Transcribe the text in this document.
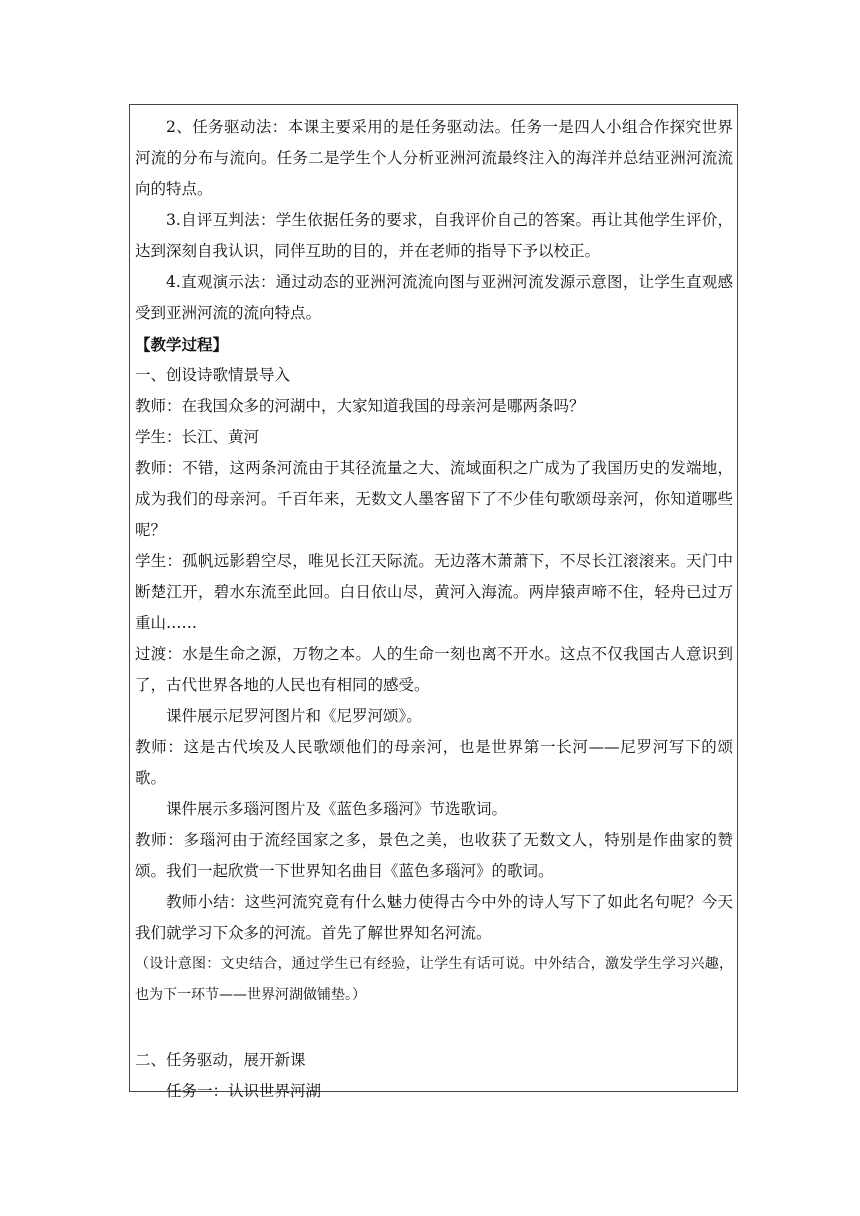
2、任务驱动法：本课主要采用的是任务驱动法。任务一是四人小组合作探究世界河流的分布与流向。任务二是学生个人分析亚洲河流最终注入的海洋并总结亚洲河流流向的特点。

3.自评互判法：学生依据任务的要求，自我评价自己的答案。再让其他学生评价，达到深刻自我认识，同伴互助的目的，并在老师的指导下予以校正。

4.直观演示法：通过动态的亚洲河流流向图与亚洲河流发源示意图，让学生直观感受到亚洲河流的流向特点。

【教学过程】

一、创设诗歌情景导入

教师：在我国众多的河湖中，大家知道我国的母亲河是哪两条吗？

学生：长江、黄河

教师：不错，这两条河流由于其径流量之大、流域面积之广成为了我国历史的发端地，成为我们的母亲河。千百年来，无数文人墨客留下了不少佳句歌颂母亲河，你知道哪些呢？

学生：孤帆远影碧空尽，唯见长江天际流。无边落木萧萧下，不尽长江滚滚来。天门中断楚江开，碧水东流至此回。白日依山尽，黄河入海流。两岸猿声啼不住，轻舟已过万重山……

过渡：水是生命之源，万物之本。人的生命一刻也离不开水。这点不仅我国古人意识到了，古代世界各地的人民也有相同的感受。

课件展示尼罗河图片和《尼罗河颂》。

教师：这是古代埃及人民歌颂他们的母亲河，也是世界第一长河——尼罗河写下的颂歌。

课件展示多瑙河图片及《蓝色多瑙河》节选歌词。

教师：多瑙河由于流经国家之多，景色之美，也收获了无数文人，特别是作曲家的赞颂。我们一起欣赏一下世界知名曲目《蓝色多瑙河》的歌词。

教师小结：这些河流究竟有什么魅力使得古今中外的诗人写下了如此名句呢？今天我们就学习下众多的河流。首先了解世界知名河流。

（设计意图：文史结合，通过学生已有经验，让学生有话可说。中外结合，激发学生学习兴趣，也为下一环节——世界河湖做铺垫。）

二、任务驱动，展开新课

任务一：认识世界河湖
